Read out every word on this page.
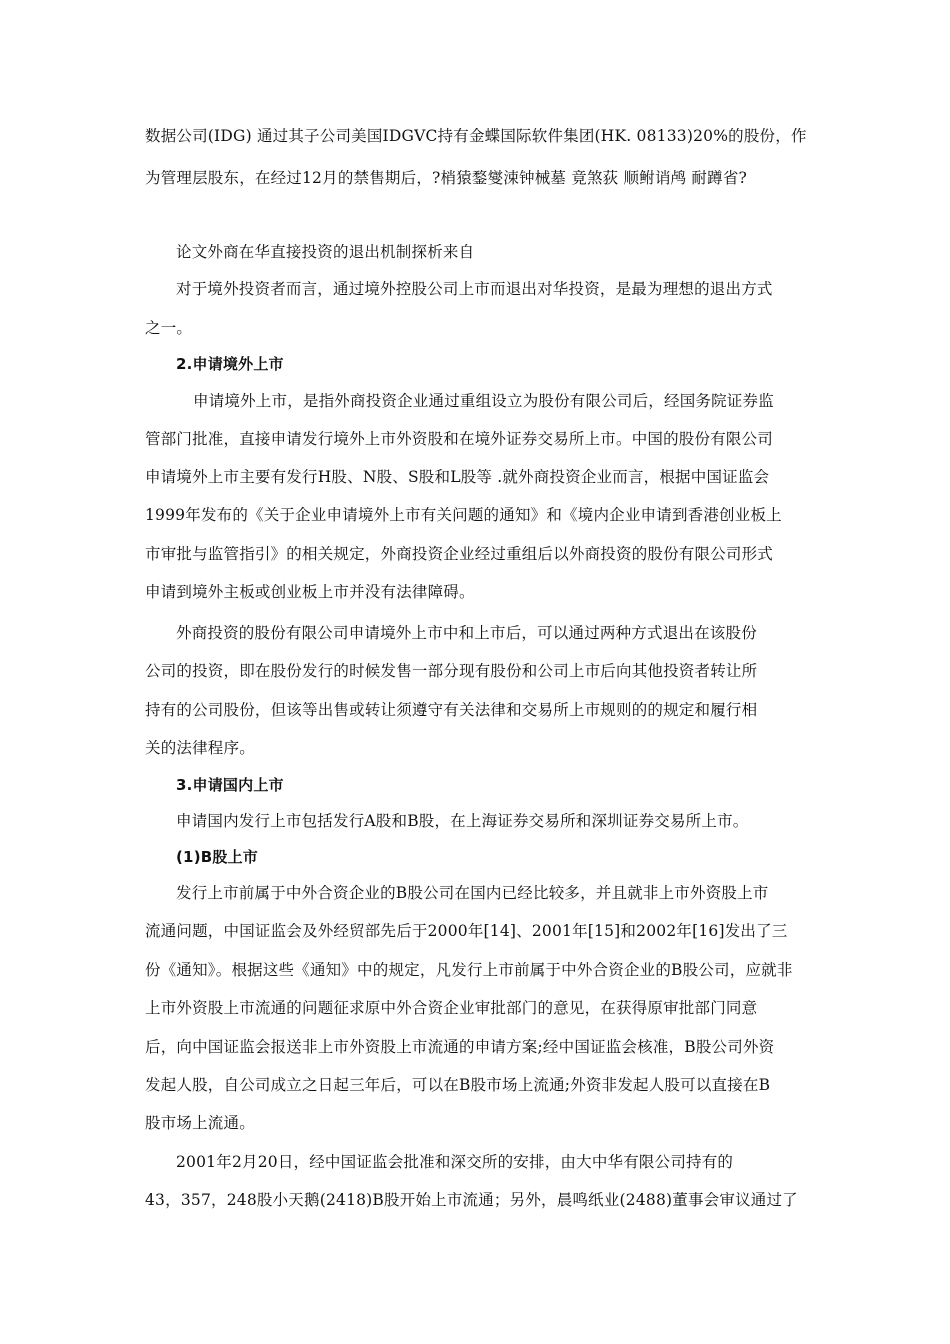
数据公司(IDG) 通过其子公司美国IDGVC持有金蝶国际软件集团(HK. 08133)20%的股份，作

为管理层股东，在经过12月的禁售期后，?梢猿鍪燮涑钟械墓 竟煞荻 顺鲋诮鸬 耐蹲省?

论文外商在华直接投资的退出机制探析来自

对于境外投资者而言，通过境外控股公司上市而退出对华投资，是最为理想的退出方式

之一。

2.申请境外上市

申请境外上市，是指外商投资企业通过重组设立为股份有限公司后，经国务院证券监

管部门批准，直接申请发行境外上市外资股和在境外证券交易所上市。中国的股份有限公司

申请境外上市主要有发行H股、N股、S股和L股等 .就外商投资企业而言，根据中国证监会

1999年发布的《关于企业申请境外上市有关问题的通知》和《境内企业申请到香港创业板上

市审批与监管指引》的相关规定，外商投资企业经过重组后以外商投资的股份有限公司形式

申请到境外主板或创业板上市并没有法律障碍。

外商投资的股份有限公司申请境外上市中和上市后，可以通过两种方式退出在该股份

公司的投资，即在股份发行的时候发售一部分现有股份和公司上市后向其他投资者转让所

持有的公司股份，但该等出售或转让须遵守有关法律和交易所上市规则的的规定和履行相

关的法律程序。

3.申请国内上市

申请国内发行上市包括发行A股和B股，在上海证券交易所和深圳证券交易所上市。

(1)B股上市

发行上市前属于中外合资企业的B股公司在国内已经比较多，并且就非上市外资股上市

流通问题，中国证监会及外经贸部先后于2000年[14]、2001年[15]和2002年[16]发出了三

份《通知》。根据这些《通知》中的规定，凡发行上市前属于中外合资企业的B股公司，应就非

上市外资股上市流通的问题征求原中外合资企业审批部门的意见，在获得原审批部门同意

后，向中国证监会报送非上市外资股上市流通的申请方案;经中国证监会核准，B股公司外资

发起人股，自公司成立之日起三年后，可以在B股市场上流通;外资非发起人股可以直接在B

股市场上流通。

2001年2月20日，经中国证监会批准和深交所的安排，由大中华有限公司持有的

43，357，248股小天鹅(2418)B股开始上市流通；另外，晨鸣纸业(2488)董事会审议通过了
